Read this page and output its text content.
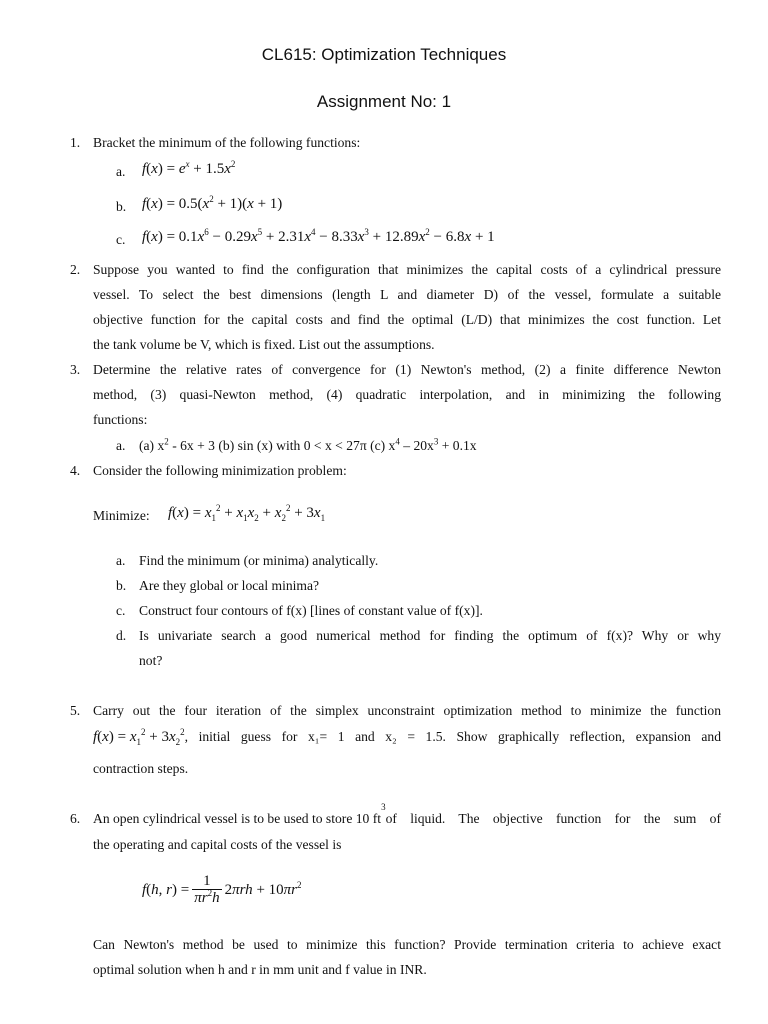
CL615: Optimization Techniques
Assignment No: 1
1. Bracket the minimum of the following functions:
a. $f(x) = e^x + 1.5x^2$
b. $f(x) = 0.5(x^2 + 1)(x + 1)$
c. $f(x) = 0.1x^6 - 0.29x^5 + 2.31x^4 - 8.33x^3 + 12.89x^2 - 6.8x + 1$
2. Suppose you wanted to find the configuration that minimizes the capital costs of a cylindrical pressure
vessel. To select the best dimensions (length L and diameter D) of the vessel, formulate a suitable
objective function for the capital costs and find the optimal (L/D) that minimizes the cost function. Let
the tank volume be V, which is fixed. List out the assumptions.
3. Determine the relative rates of convergence for (1) Newton's method, (2) a finite difference Newton
method, (3) quasi-Newton method, (4) quadratic interpolation, and in minimizing the following
functions:
a. (a) $x^2 - 6x + 3$ (b) sin (x) with 0 < x < 27π (c) $x^4 - 20x^3 + 0.1x$
4. Consider the following minimization problem:
Minimize: $f(x) = x_1^2 + x_1x_2 + x_2^2 + 3x_1$
a. Find the minimum (or minima) analytically.
b. Are they global or local minima?
c. Construct four contours of f(x) [lines of constant value of f(x)].
d. Is univariate search a good numerical method for finding the optimum of f(x)? Why or why
not?
5. Carry out the four iteration of the simplex unconstraint optimization method to minimize the function
$f(x) = x_1^2 + 3x_2^2$ , initial guess for x₁= 1 and x₂ = 1.5. Show graphically reflection, expansion and
contraction steps.
6. An open cylindrical vessel is to be used to store 10 ft
$^3$
of liquid. The objective function for the sum of
the operating and capital costs of the vessel is
f(h, $r) = \frac{1}{\pi r^2h} 2\pi rh + 10\pi r^2$
Can Newton's method be used to minimize this function? Provide termination criteria to achieve exact
optimal solution when h and r in mm unit and f value in INR.
